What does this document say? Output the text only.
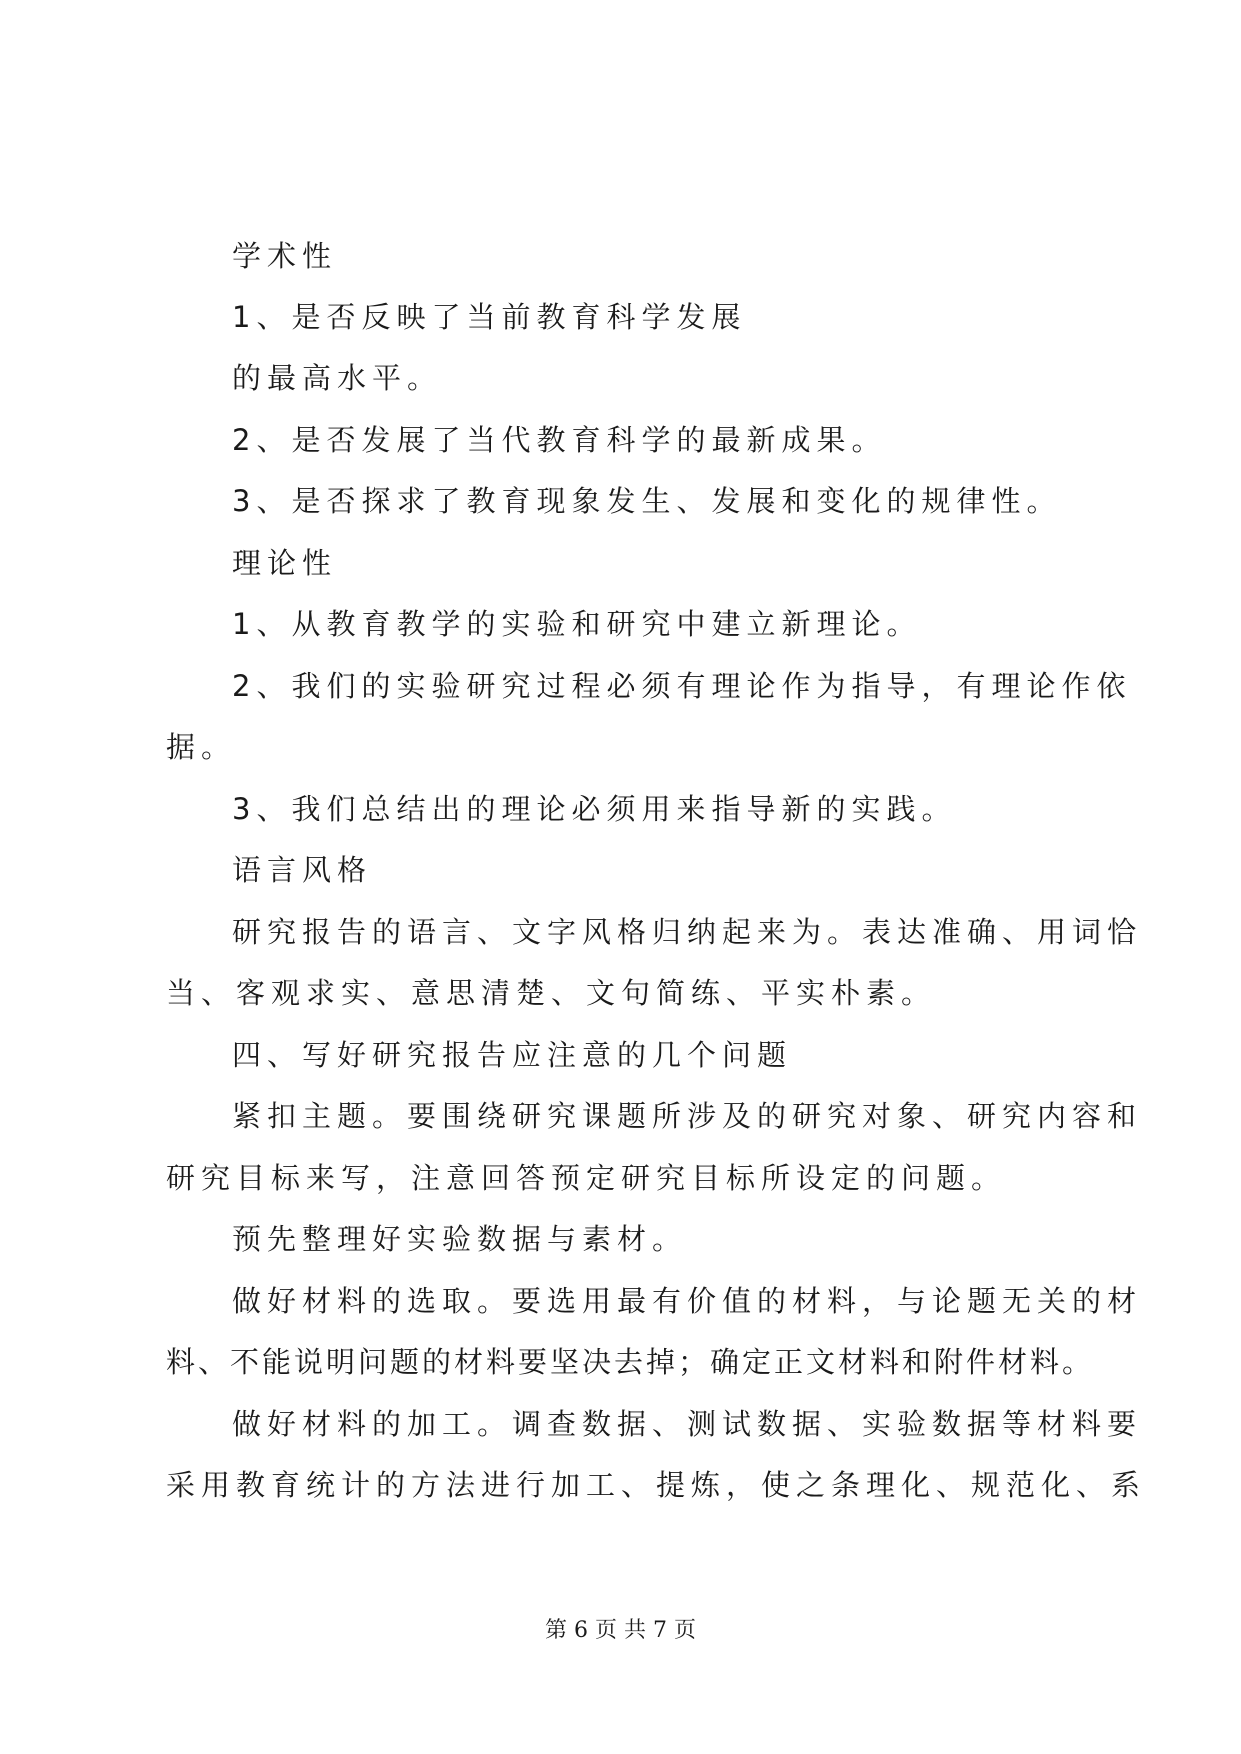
学术性
1、是否反映了当前教育科学发展
的最高水平。
2、是否发展了当代教育科学的最新成果。
3、是否探求了教育现象发生、发展和变化的规律性。
理论性
1、从教育教学的实验和研究中建立新理论。
2、我们的实验研究过程必须有理论作为指导，有理论作依
据。
3、我们总结出的理论必须用来指导新的实践。
语言风格
研究报告的语言、文字风格归纳起来为。表达准确、用词恰
当、客观求实、意思清楚、文句简练、平实朴素。
四、写好研究报告应注意的几个问题
紧扣主题。要围绕研究课题所涉及的研究对象、研究内容和
研究目标来写，注意回答预定研究目标所设定的问题。
预先整理好实验数据与素材。
做好材料的选取。要选用最有价值的材料，与论题无关的材
料、不能说明问题的材料要坚决去掉；确定正文材料和附件材料。
做好材料的加工。调查数据、测试数据、实验数据等材料要
采用教育统计的方法进行加工、提炼，使之条理化、规范化、系
第 6 页 共 7 页
